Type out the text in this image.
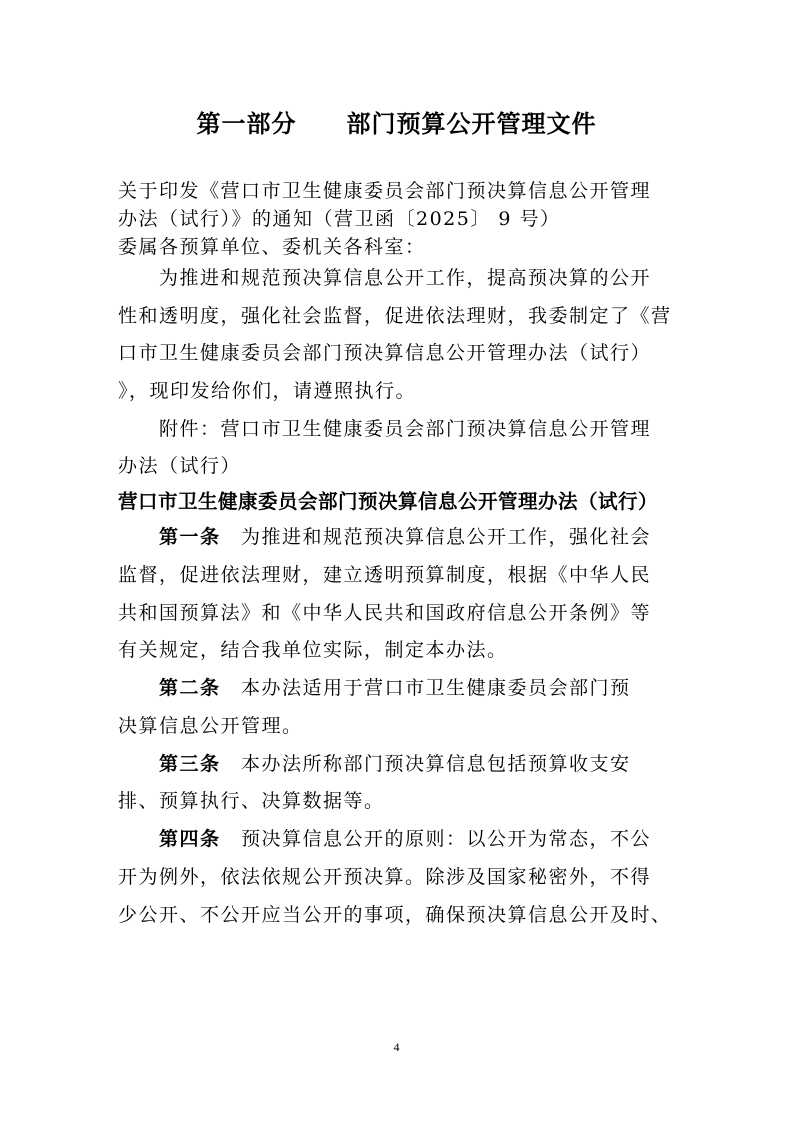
第一部分　　部门预算公开管理文件
关于印发《营口市卫生健康委员会部门预决算信息公开管理
办法（试行）》的通知（营卫函〔2025〕 9 号）
委属各预算单位、委机关各科室：
　　为推进和规范预决算信息公开工作，提高预决算的公开
性和透明度，强化社会监督，促进依法理财，我委制定了《营
口市卫生健康委员会部门预决算信息公开管理办法（试行）
》，现印发给你们，请遵照执行。
　　附件：营口市卫生健康委员会部门预决算信息公开管理
办法（试行）
营口市卫生健康委员会部门预决算信息公开管理办法（试行）
　　第一条　为推进和规范预决算信息公开工作，强化社会
监督，促进依法理财，建立透明预算制度，根据《中华人民
共和国预算法》和《中华人民共和国政府信息公开条例》等
有关规定，结合我单位实际，制定本办法。
　　第二条　本办法适用于营口市卫生健康委员会部门预
决算信息公开管理。
　　第三条　本办法所称部门预决算信息包括预算收支安
排、预算执行、决算数据等。
　　第四条　预决算信息公开的原则：以公开为常态，不公
开为例外，依法依规公开预决算。除涉及国家秘密外，不得
少公开、不公开应当公开的事项，确保预决算信息公开及时、
4
